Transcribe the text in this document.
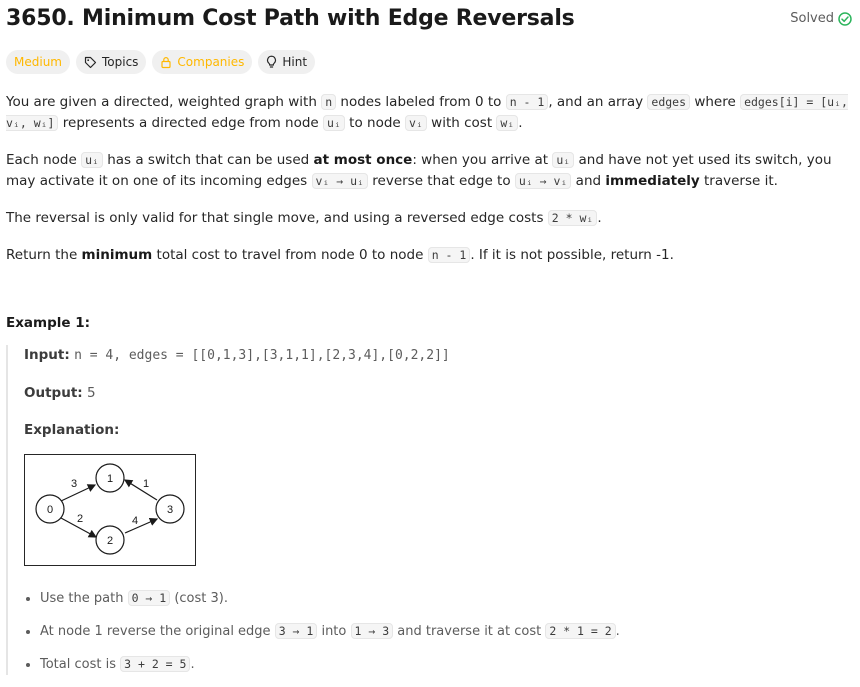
3650. Minimum Cost Path with Edge Reversals	Solved
Medium	Topics	Companies	Hint

You are given a directed, weighted graph with n nodes labeled from 0 to n - 1 , and an array edges where edges[i] = [uᵢ, vᵢ, wᵢ] represents a directed edge from node uᵢ to node vᵢ with cost wᵢ .

Each node uᵢ has a switch that can be used at most once: when you arrive at uᵢ and have not yet used its switch, you may activate it on one of its incoming edges vᵢ → uᵢ reverse that edge to uᵢ → vᵢ and immediately traverse it.

The reversal is only valid for that single move, and using a reversed edge costs 2 * wᵢ .

Return the minimum total cost to travel from node 0 to node n - 1 . If it is not possible, return -1.

Example 1:
Input: n = 4, edges = [[0,1,3],[3,1,1],[2,3,4],[0,2,2]]
Output: 5
Explanation:
3	1
2	4
0
1
2
3
• Use the path 0 → 1 (cost 3).
• At node 1 reverse the original edge 3 → 1 into 1 → 3 and traverse it at cost 2 * 1 = 2 .
• Total cost is 3 + 2 = 5 .
